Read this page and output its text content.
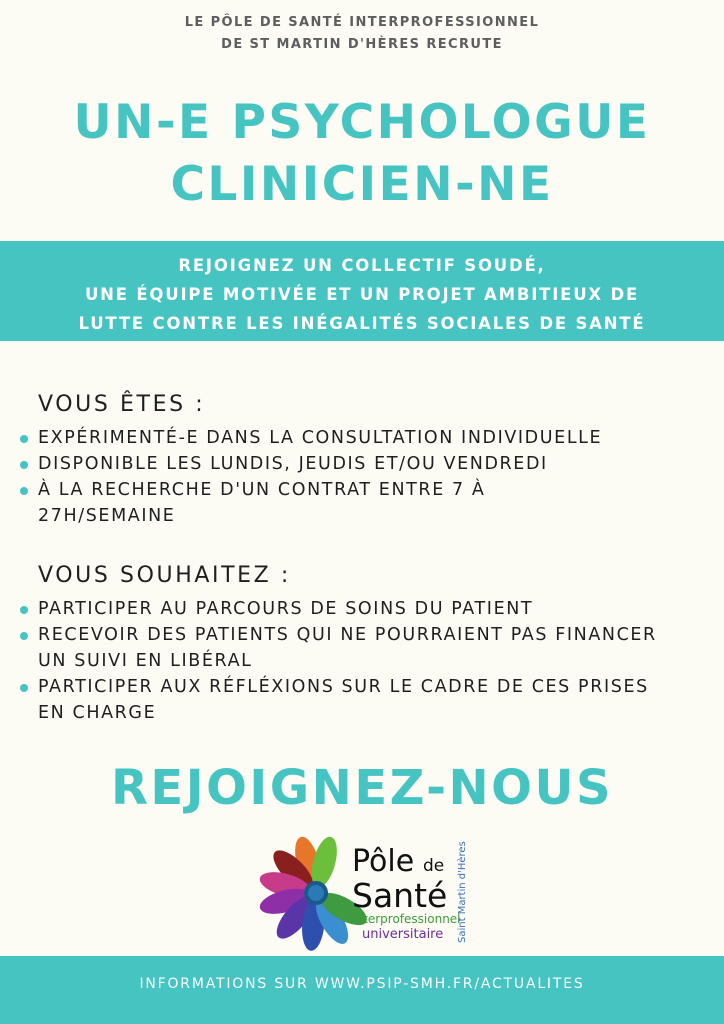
LE PÔLE DE SANTÉ INTERPROFESSIONNEL
DE ST MARTIN D'HÈRES RECRUTE
UN-E PSYCHOLOGUE
CLINICIEN-NE
REJOIGNEZ UN COLLECTIF SOUDÉ,
UNE ÉQUIPE MOTIVÉE ET UN PROJET AMBITIEUX DE
LUTTE CONTRE LES INÉGALITÉS SOCIALES DE SANTÉ
VOUS ÊTES :
EXPÉRIMENTÉ-E DANS LA CONSULTATION INDIVIDUELLE
DISPONIBLE LES LUNDIS, JEUDIS ET/OU VENDREDI
À LA RECHERCHE D'UN CONTRAT ENTRE 7 À 27H/SEMAINE
VOUS SOUHAITEZ :
PARTICIPER AU PARCOURS DE SOINS DU PATIENT
RECEVOIR DES PATIENTS QUI NE POURRAIENT PAS FINANCER UN SUIVI EN LIBÉRAL
PARTICIPER AUX RÉFLÉXIONS SUR LE CADRE DE CES PRISES EN CHARGE
REJOIGNEZ-NOUS
Pôle de
Santé
Interprofessionnel
universitaire Saint Martin d'Hères
INFORMATIONS SUR WWW.PSIP-SMH.FR/ACTUALITES
